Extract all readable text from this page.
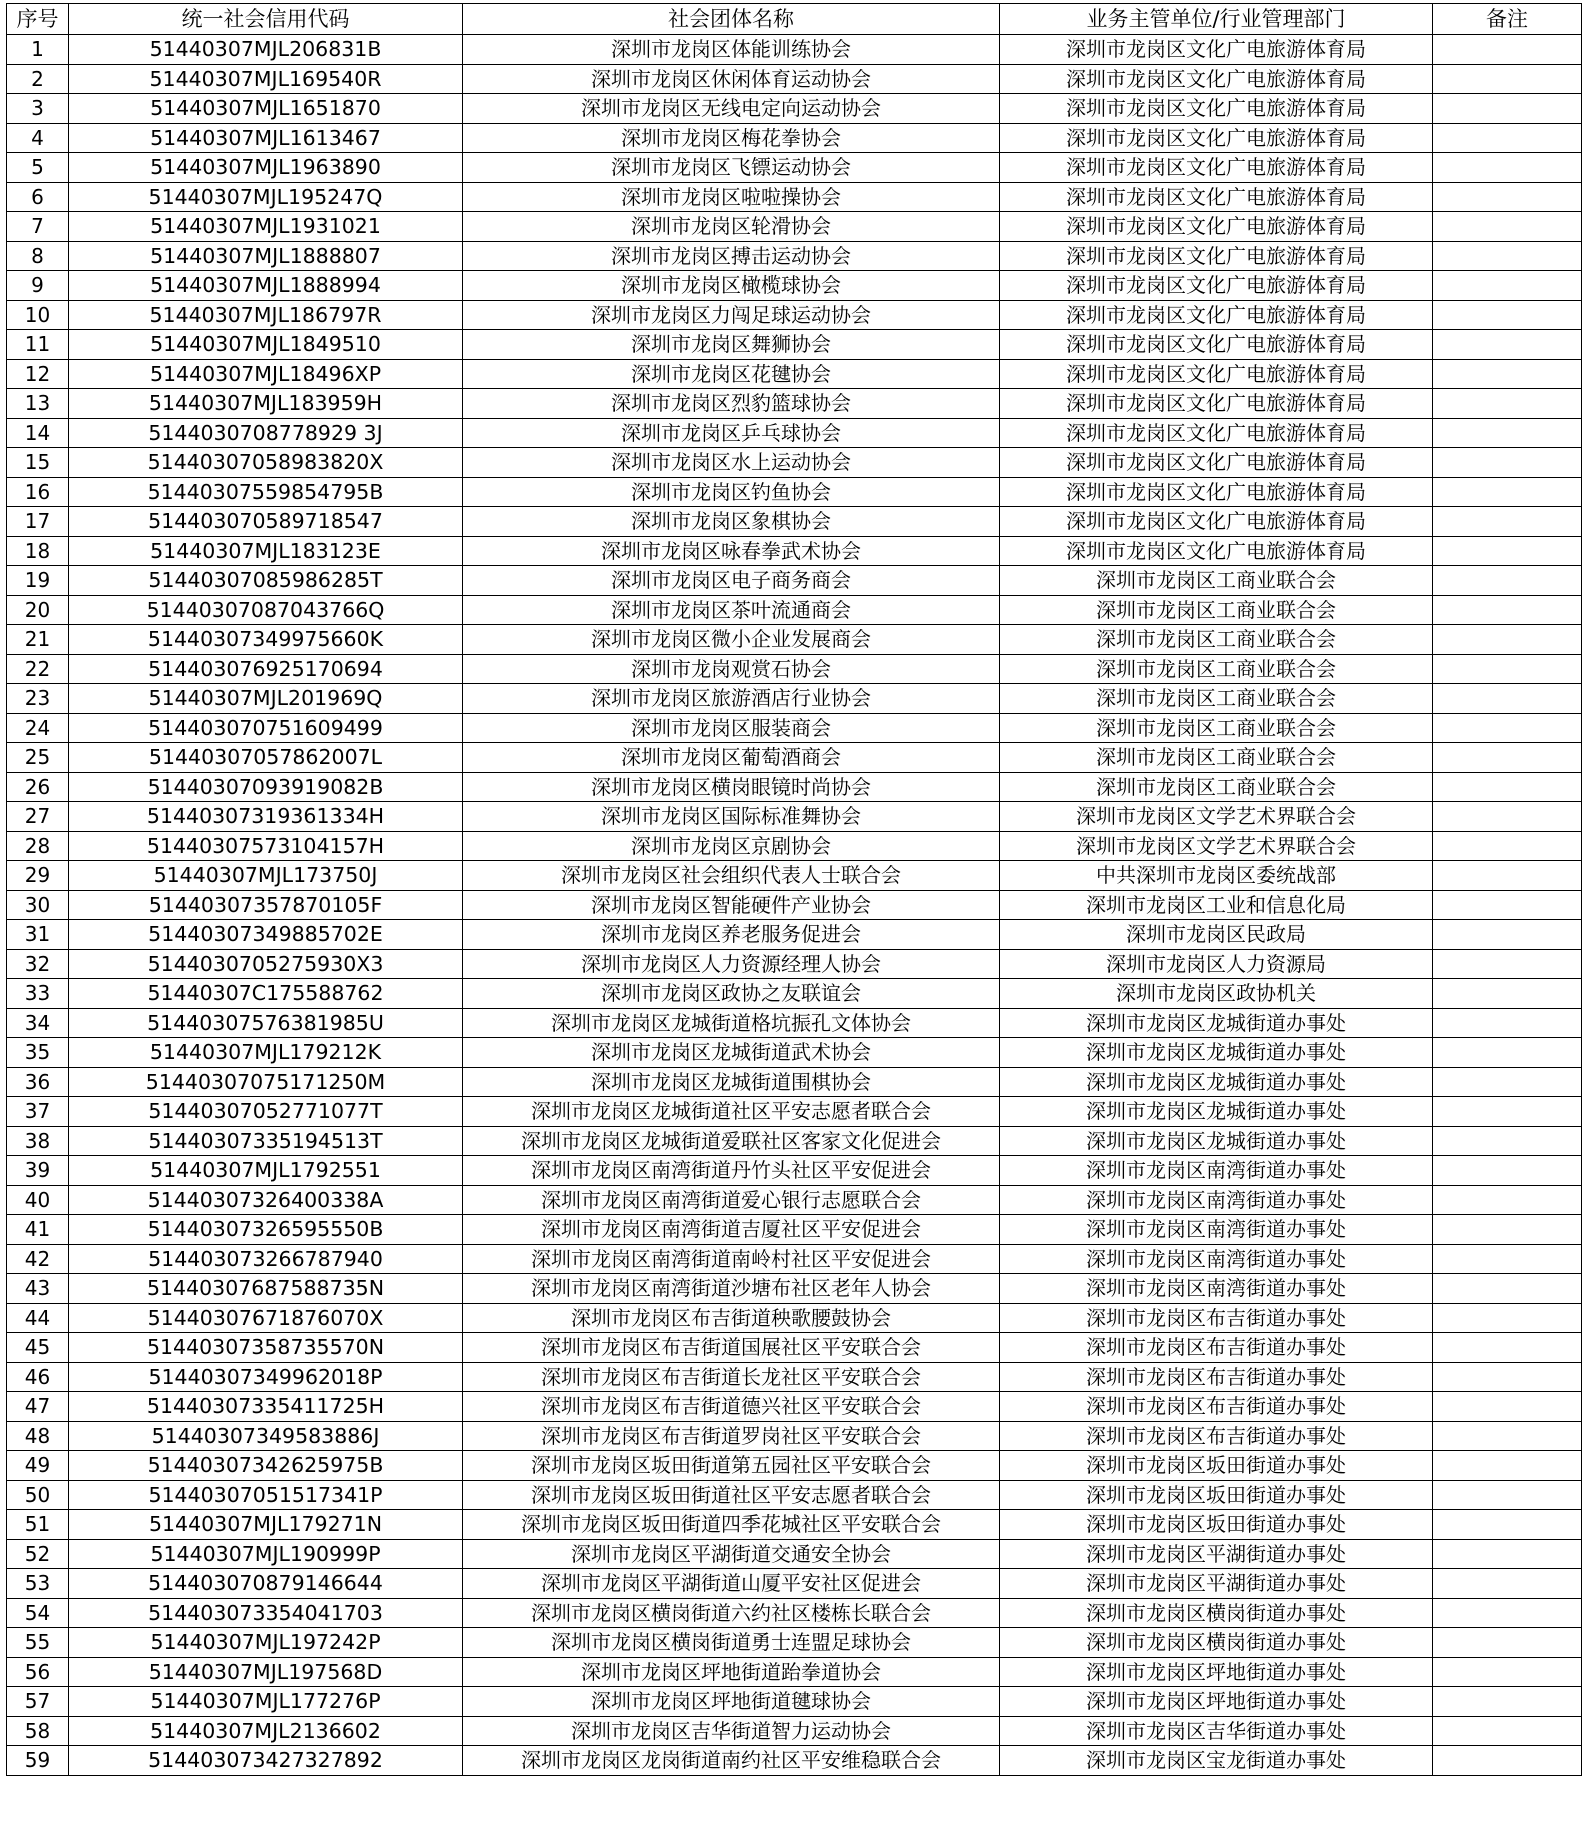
序号	统一社会信用代码	社会团体名称	业务主管单位/行业管理部门	备注
1	51440307MJL206831B	深圳市龙岗区体能训练协会	深圳市龙岗区文化广电旅游体育局	
2	51440307MJL169540R	深圳市龙岗区休闲体育运动协会	深圳市龙岗区文化广电旅游体育局	
3	51440307MJL1651870	深圳市龙岗区无线电定向运动协会	深圳市龙岗区文化广电旅游体育局	
4	51440307MJL1613467	深圳市龙岗区梅花拳协会	深圳市龙岗区文化广电旅游体育局	
5	51440307MJL1963890	深圳市龙岗区飞镖运动协会	深圳市龙岗区文化广电旅游体育局	
6	51440307MJL195247Q	深圳市龙岗区啦啦操协会	深圳市龙岗区文化广电旅游体育局	
7	51440307MJL1931021	深圳市龙岗区轮滑协会	深圳市龙岗区文化广电旅游体育局	
8	51440307MJL1888807	深圳市龙岗区搏击运动协会	深圳市龙岗区文化广电旅游体育局	
9	51440307MJL1888994	深圳市龙岗区橄榄球协会	深圳市龙岗区文化广电旅游体育局	
10	51440307MJL186797R	深圳市龙岗区力闯足球运动协会	深圳市龙岗区文化广电旅游体育局	
11	51440307MJL1849510	深圳市龙岗区舞狮协会	深圳市龙岗区文化广电旅游体育局	
12	51440307MJL18496XP	深圳市龙岗区花毽协会	深圳市龙岗区文化广电旅游体育局	
13	51440307MJL183959H	深圳市龙岗区烈豹篮球协会	深圳市龙岗区文化广电旅游体育局	
14	5144030708778929 3J	深圳市龙岗区乒乓球协会	深圳市龙岗区文化广电旅游体育局	
15	51440307058983820X	深圳市龙岗区水上运动协会	深圳市龙岗区文化广电旅游体育局	
16	51440307559854795B	深圳市龙岗区钓鱼协会	深圳市龙岗区文化广电旅游体育局	
17	514403070589718547	深圳市龙岗区象棋协会	深圳市龙岗区文化广电旅游体育局	
18	51440307MJL183123E	深圳市龙岗区咏春拳武术协会	深圳市龙岗区文化广电旅游体育局	
19	51440307085986285T	深圳市龙岗区电子商务商会	深圳市龙岗区工商业联合会	
20	51440307087043766Q	深圳市龙岗区茶叶流通商会	深圳市龙岗区工商业联合会	
21	51440307349975660K	深圳市龙岗区微小企业发展商会	深圳市龙岗区工商业联合会	
22	514403076925170694	深圳市龙岗观赏石协会	深圳市龙岗区工商业联合会	
23	51440307MJL201969Q	深圳市龙岗区旅游酒店行业协会	深圳市龙岗区工商业联合会	
24	514403070751609499	深圳市龙岗区服装商会	深圳市龙岗区工商业联合会	
25	51440307057862007L	深圳市龙岗区葡萄酒商会	深圳市龙岗区工商业联合会	
26	51440307093919082B	深圳市龙岗区横岗眼镜时尚协会	深圳市龙岗区工商业联合会	
27	51440307319361334H	深圳市龙岗区国际标准舞协会	深圳市龙岗区文学艺术界联合会	
28	51440307573104157H	深圳市龙岗区京剧协会	深圳市龙岗区文学艺术界联合会	
29	51440307MJL173750J	深圳市龙岗区社会组织代表人士联合会	中共深圳市龙岗区委统战部	
30	51440307357870105F	深圳市龙岗区智能硬件产业协会	深圳市龙岗区工业和信息化局	
31	51440307349885702E	深圳市龙岗区养老服务促进会	深圳市龙岗区民政局	
32	5144030705275930X3	深圳市龙岗区人力资源经理人协会	深圳市龙岗区人力资源局	
33	51440307C175588762	深圳市龙岗区政协之友联谊会	深圳市龙岗区政协机关	
34	51440307576381985U	深圳市龙岗区龙城街道格坑振孔文体协会	深圳市龙岗区龙城街道办事处	
35	51440307MJL179212K	深圳市龙岗区龙城街道武术协会	深圳市龙岗区龙城街道办事处	
36	51440307075171250M	深圳市龙岗区龙城街道围棋协会	深圳市龙岗区龙城街道办事处	
37	51440307052771077T	深圳市龙岗区龙城街道社区平安志愿者联合会	深圳市龙岗区龙城街道办事处	
38	51440307335194513T	深圳市龙岗区龙城街道爱联社区客家文化促进会	深圳市龙岗区龙城街道办事处	
39	51440307MJL1792551	深圳市龙岗区南湾街道丹竹头社区平安促进会	深圳市龙岗区南湾街道办事处	
40	51440307326400338A	深圳市龙岗区南湾街道爱心银行志愿联合会	深圳市龙岗区南湾街道办事处	
41	51440307326595550B	深圳市龙岗区南湾街道吉厦社区平安促进会	深圳市龙岗区南湾街道办事处	
42	514403073266787940	深圳市龙岗区南湾街道南岭村社区平安促进会	深圳市龙岗区南湾街道办事处	
43	51440307687588735N	深圳市龙岗区南湾街道沙塘布社区老年人协会	深圳市龙岗区南湾街道办事处	
44	51440307671876070X	深圳市龙岗区布吉街道秧歌腰鼓协会	深圳市龙岗区布吉街道办事处	
45	51440307358735570N	深圳市龙岗区布吉街道国展社区平安联合会	深圳市龙岗区布吉街道办事处	
46	51440307349962018P	深圳市龙岗区布吉街道长龙社区平安联合会	深圳市龙岗区布吉街道办事处	
47	51440307335411725H	深圳市龙岗区布吉街道德兴社区平安联合会	深圳市龙岗区布吉街道办事处	
48	51440307349583886J	深圳市龙岗区布吉街道罗岗社区平安联合会	深圳市龙岗区布吉街道办事处	
49	51440307342625975B	深圳市龙岗区坂田街道第五园社区平安联合会	深圳市龙岗区坂田街道办事处	
50	51440307051517341P	深圳市龙岗区坂田街道社区平安志愿者联合会	深圳市龙岗区坂田街道办事处	
51	51440307MJL179271N	深圳市龙岗区坂田街道四季花城社区平安联合会	深圳市龙岗区坂田街道办事处	
52	51440307MJL190999P	深圳市龙岗区平湖街道交通安全协会	深圳市龙岗区平湖街道办事处	
53	514403070879146644	深圳市龙岗区平湖街道山厦平安社区促进会	深圳市龙岗区平湖街道办事处	
54	514403073354041703	深圳市龙岗区横岗街道六约社区楼栋长联合会	深圳市龙岗区横岗街道办事处	
55	51440307MJL197242P	深圳市龙岗区横岗街道勇士连盟足球协会	深圳市龙岗区横岗街道办事处	
56	51440307MJL197568D	深圳市龙岗区坪地街道跆拳道协会	深圳市龙岗区坪地街道办事处	
57	51440307MJL177276P	深圳市龙岗区坪地街道毽球协会	深圳市龙岗区坪地街道办事处	
58	51440307MJL2136602	深圳市龙岗区吉华街道智力运动协会	深圳市龙岗区吉华街道办事处	
59	514403073427327892	深圳市龙岗区龙岗街道南约社区平安维稳联合会	深圳市龙岗区宝龙街道办事处	
